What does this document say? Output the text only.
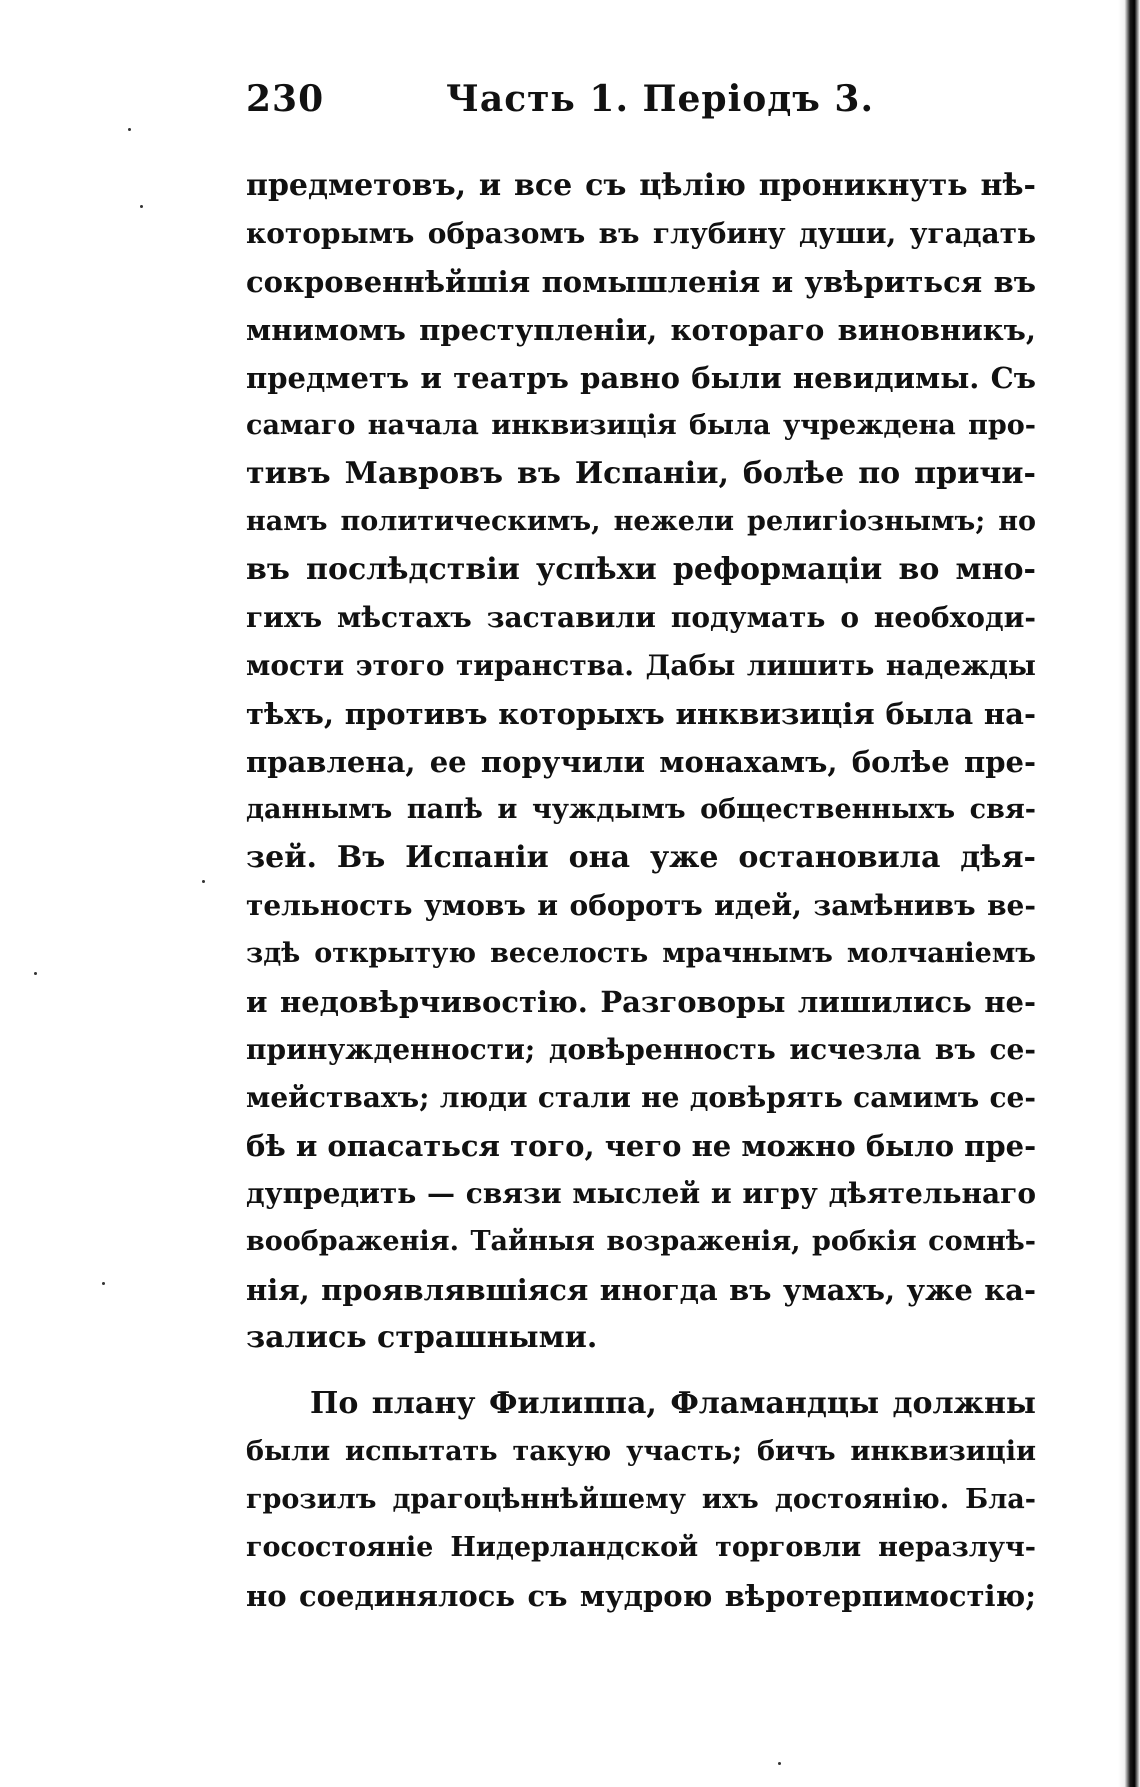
230	Часть 1. Періодъ 3.
предметовъ, и все съ цѣлію проникнуть нѣ-
которымъ образомъ въ глубину души, угадать
сокровеннѣйшія помышленія и увѣриться въ
мнимомъ преступленіи, котораго виновникъ,
предметъ и театръ равно были невидимы. Съ
самаго начала инквизиція была учреждена про-
тивъ Мавровъ въ Испаніи, болѣе по причи-
намъ политическимъ, нежели религіознымъ; но
въ послѣдствіи успѣхи реформаціи во мно-
гихъ мѣстахъ заставили подумать о необходи-
мости этого тиранства. Дабы лишить надежды
тѣхъ, противъ которыхъ инквизиція была на-
правлена, ее поручили монахамъ, болѣе пре-
даннымъ папѣ и чуждымъ общественныхъ свя-
зей. Въ Испаніи она уже остановила дѣя-
тельность умовъ и оборотъ идей, замѣнивъ ве-
здѣ открытую веселость мрачнымъ молчаніемъ
и недовѣрчивостію. Разговоры лишились не-
принужденности; довѣренность исчезла въ се-
мействахъ; люди стали не довѣрять самимъ се-
бѣ и опасаться того, чего не можно было пре-
дупредить — связи мыслей и игру дѣятельнаго
воображенія. Тайныя возраженія, робкія сомнѣ-
нія, проявлявшіяся иногда въ умахъ, уже ка-
зались страшными.
По плану Филиппа, Фламандцы должны
были испытать такую участь; бичъ инквизиціи
грозилъ драгоцѣннѣйшему ихъ достоянію. Бла-
госостояніе Нидерландской торговли неразлуч-
но соединялось съ мудрою вѣротерпимостію;
